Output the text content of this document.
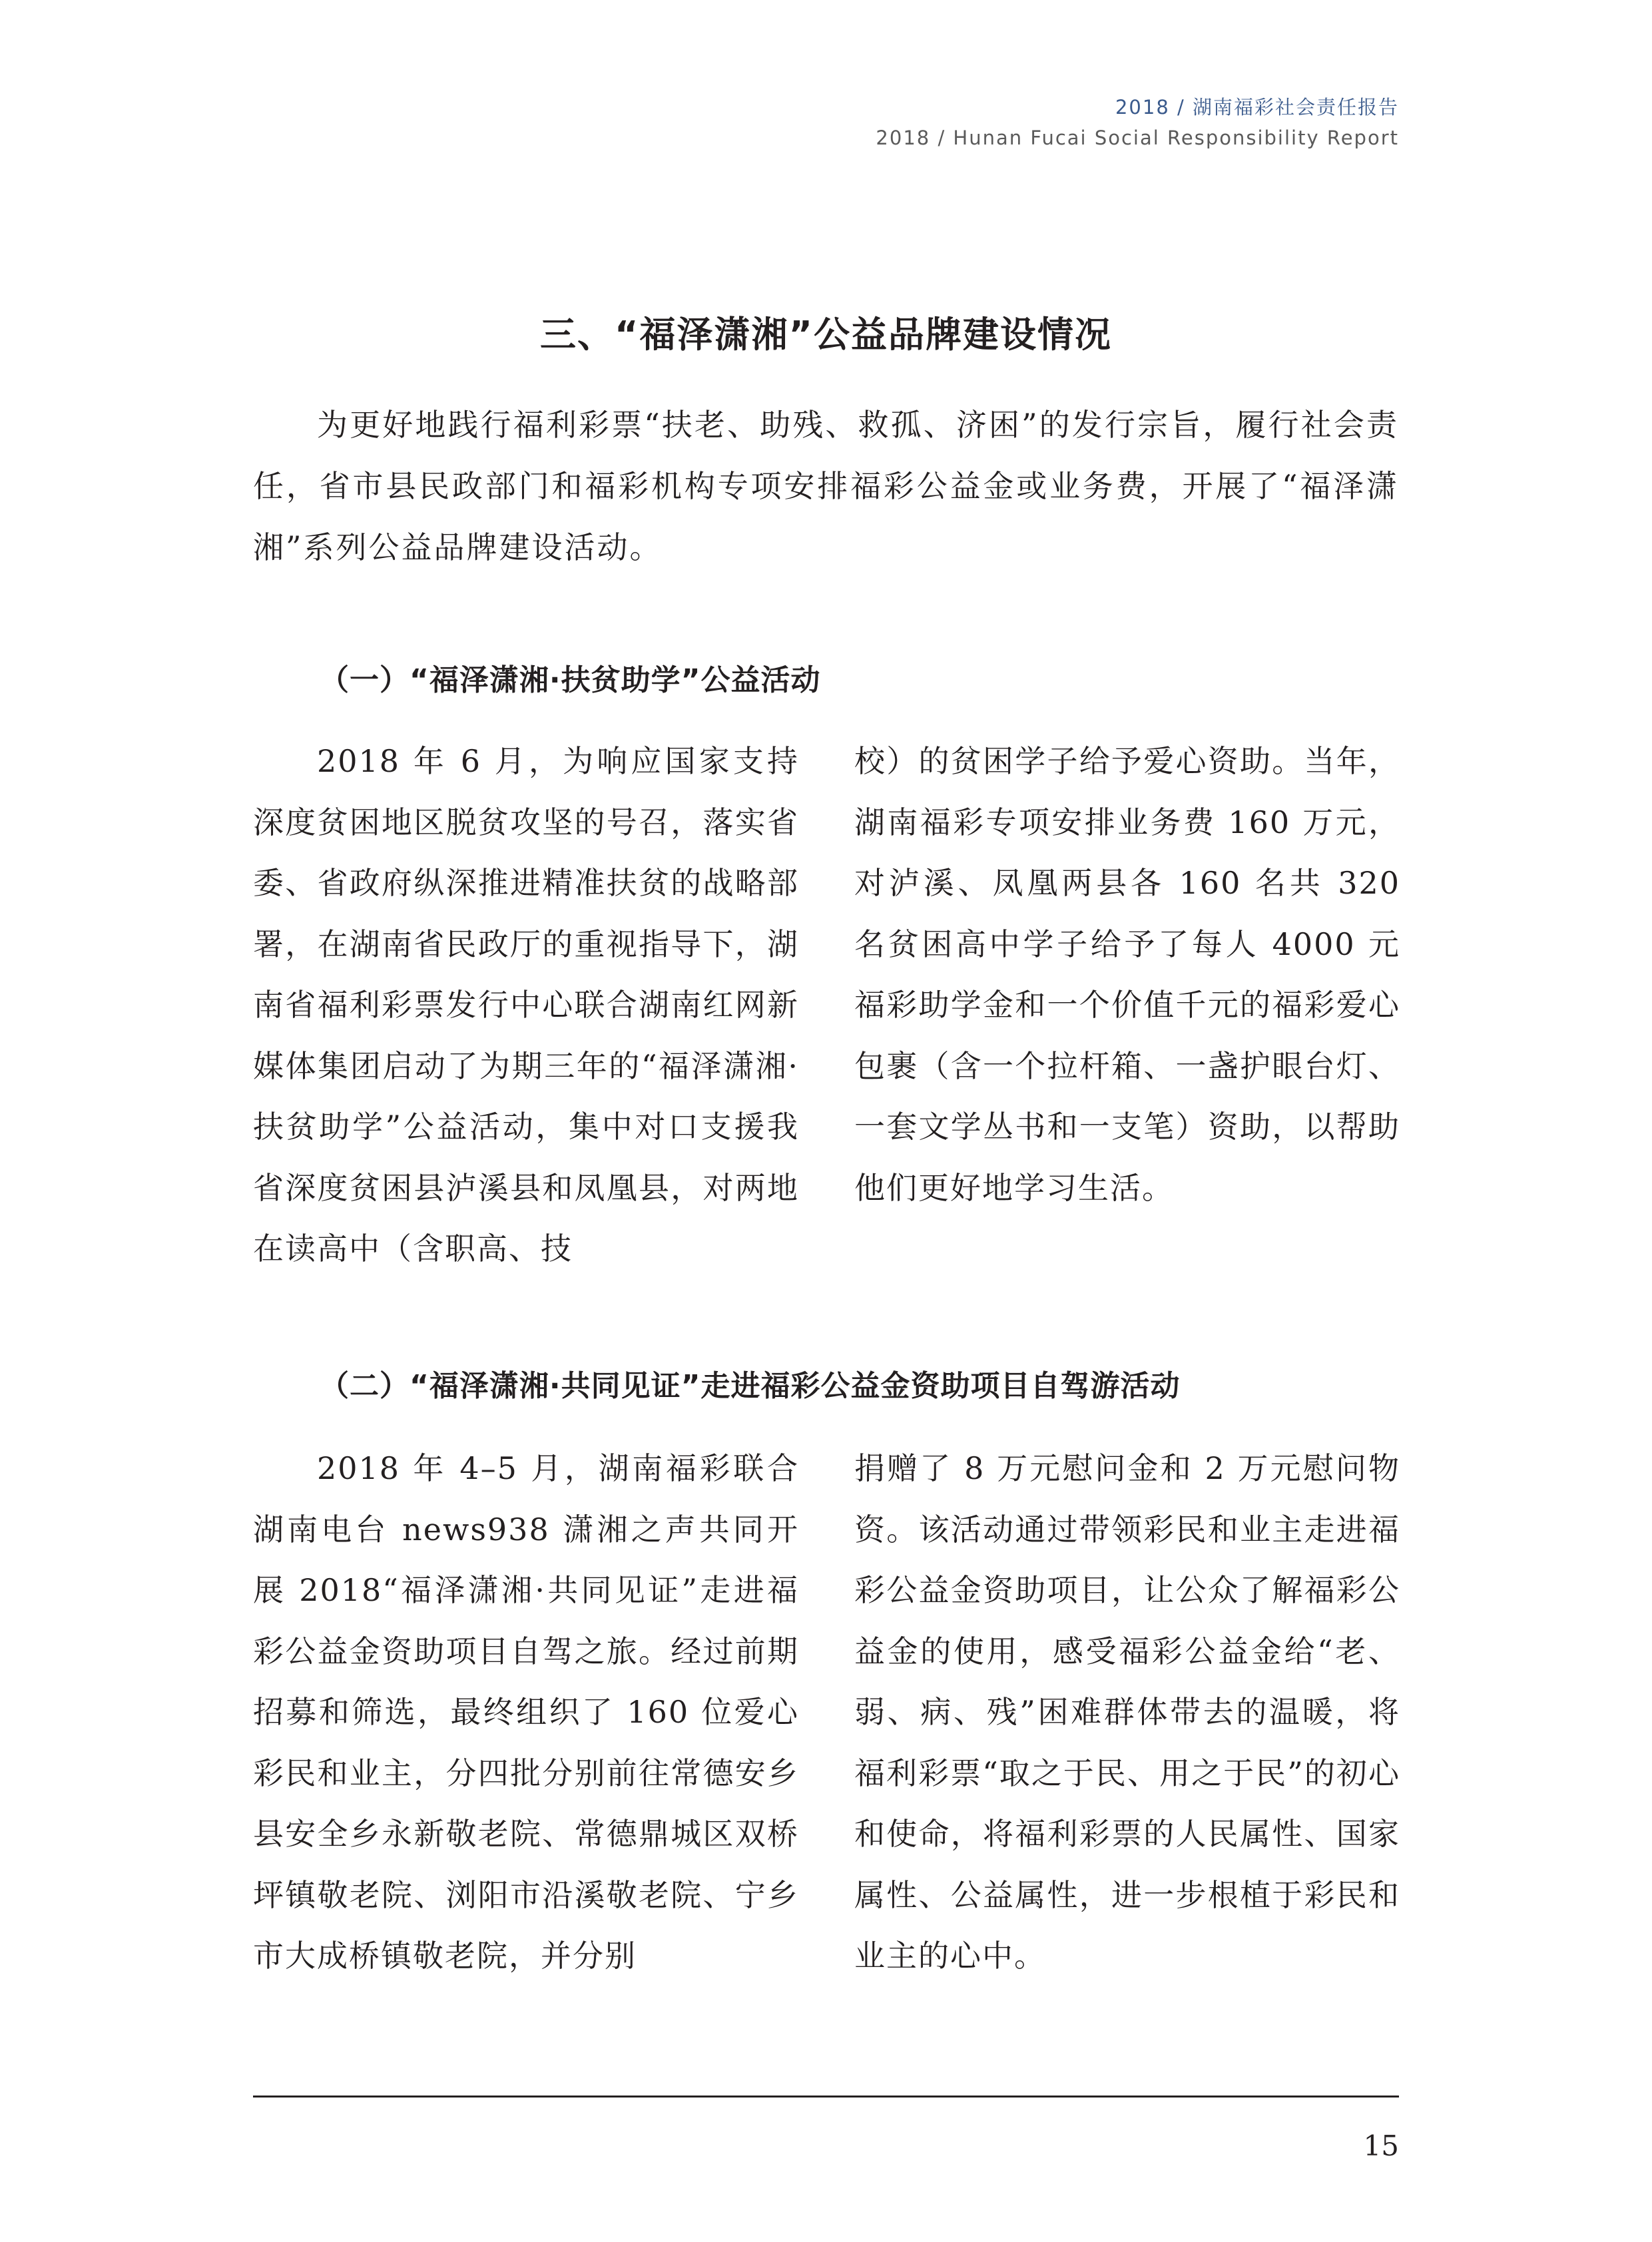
2018 / 湖南福彩社会责任报告
2018 / Hunan Fucai Social Responsibility Report
三、“福泽潇湘”公益品牌建设情况

为更好地践行福利彩票“扶老、助残、救孤、济困”的发行宗旨，履行社会责任，省市县民政部门和福彩机构专项安排福彩公益金或业务费，开展了“福泽潇湘”系列公益品牌建设活动。

（一）“福泽潇湘·扶贫助学”公益活动

2018 年 6 月，为响应国家支持深度贫困地区脱贫攻坚的号召，落实省委、省政府纵深推进精准扶贫的战略部署，在湖南省民政厅的重视指导下，湖南省福利彩票发行中心联合湖南红网新媒体集团启动了为期三年的“福泽潇湘·扶贫助学”公益活动，集中对口支援我省深度贫困县泸溪县和凤凰县，对两地在读高中（含职高、技

校）的贫困学子给予爱心资助。当年，湖南福彩专项安排业务费 160 万元，对泸溪、凤凰两县各 160 名共 320 名贫困高中学子给予了每人 4000 元福彩助学金和一个价值千元的福彩爱心包裹（含一个拉杆箱、一盏护眼台灯、一套文学丛书和一支笔）资助，以帮助他们更好地学习生活。

（二）“福泽潇湘·共同见证”走进福彩公益金资助项目自驾游活动

2018 年 4–5 月，湖南福彩联合湖南电台 news938 潇湘之声共同开展 2018“福泽潇湘·共同见证”走进福彩公益金资助项目自驾之旅。经过前期招募和筛选，最终组织了 160 位爱心彩民和业主，分四批分别前往常德安乡县安全乡永新敬老院、常德鼎城区双桥坪镇敬老院、浏阳市沿溪敬老院、宁乡市大成桥镇敬老院，并分别

捐赠了 8 万元慰问金和 2 万元慰问物资。该活动通过带领彩民和业主走进福彩公益金资助项目，让公众了解福彩公益金的使用，感受福彩公益金给“老、弱、病、残”困难群体带去的温暖，将福利彩票“取之于民、用之于民”的初心和使命，将福利彩票的人民属性、国家属性、公益属性，进一步根植于彩民和业主的心中。

15
